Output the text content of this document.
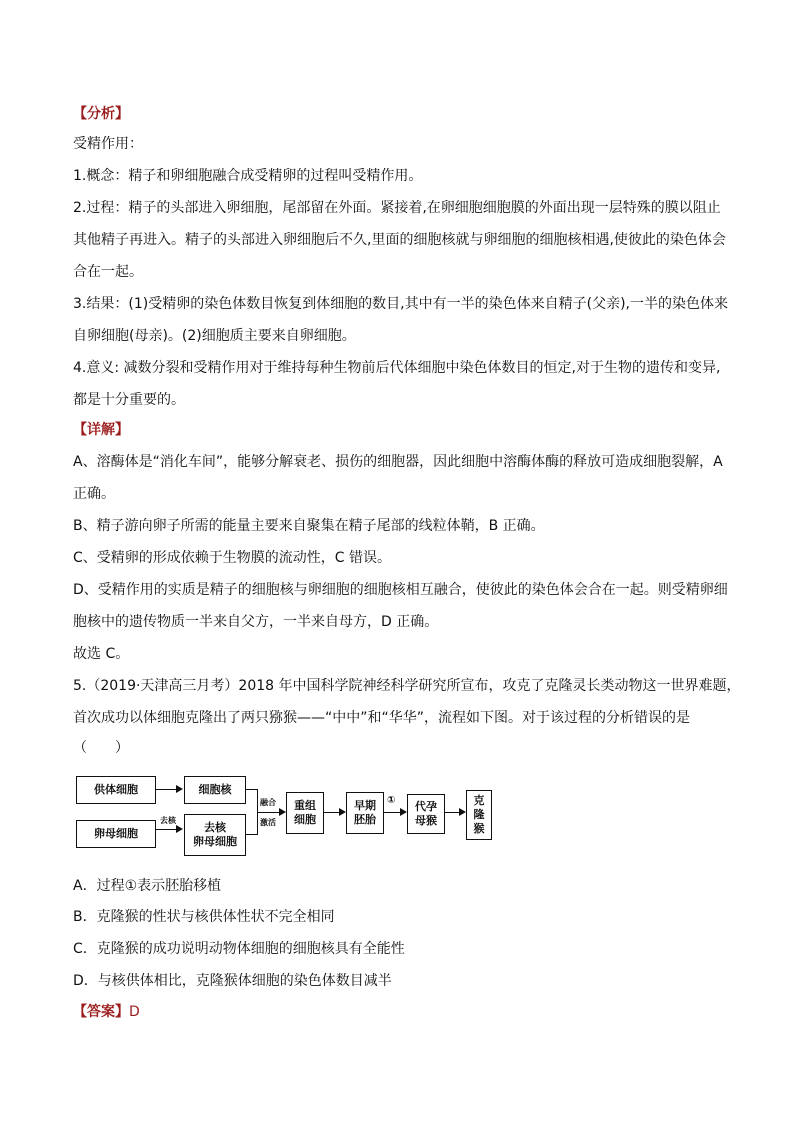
【分析】
受精作用：
1.概念：精子和卵细胞融合成受精卵的过程叫受精作用。
2.过程：精子的头部进入卵细胞，尾部留在外面。紧接着,在卵细胞细胞膜的外面出现一层特殊的膜以阻止
其他精子再进入。精子的头部进入卵细胞后不久,里面的细胞核就与卵细胞的细胞核相遇,使彼此的染色体会
合在一起。
3.结果：(1)受精卵的染色体数目恢复到体细胞的数目,其中有一半的染色体来自精子(父亲),一半的染色体来
自卵细胞(母亲)。(2)细胞质主要来自卵细胞。
4.意义: 减数分裂和受精作用对于维持每种生物前后代体细胞中染色体数目的恒定,对于生物的遗传和变异,
都是十分重要的。
【详解】
A、溶酶体是“消化车间”，能够分解衰老、损伤的细胞器，因此细胞中溶酶体酶的释放可造成细胞裂解，A
正确。
B、精子游向卵子所需的能量主要来自聚集在精子尾部的线粒体鞘，B 正确。
C、受精卵的形成依赖于生物膜的流动性，C 错误。
D、受精作用的实质是精子的细胞核与卵细胞的细胞核相互融合，使彼此的染色体会合在一起。则受精卵细
胞核中的遗传物质一半来自父方，一半来自母方，D 正确。
故选 C。
5.（2019·天津高三月考）2018 年中国科学院神经科学研究所宣布，攻克了克隆灵长类动物这一世界难题，
首次成功以体细胞克隆出了两只猕猴——“中中”和“华华”，流程如下图。对于该过程的分析错误的是
（　　）
供体细胞	细胞核
卵母细胞
去核
去核
卵母细胞
融合
激活
重组
细胞
早期
胚胎
① 代孕
母猴
克
隆
猴
A．过程①表示胚胎移植
B．克隆猴的性状与核供体性状不完全相同
C．克隆猴的成功说明动物体细胞的细胞核具有全能性
D．与核供体相比，克隆猴体细胞的染色体数目减半
【答案】D
